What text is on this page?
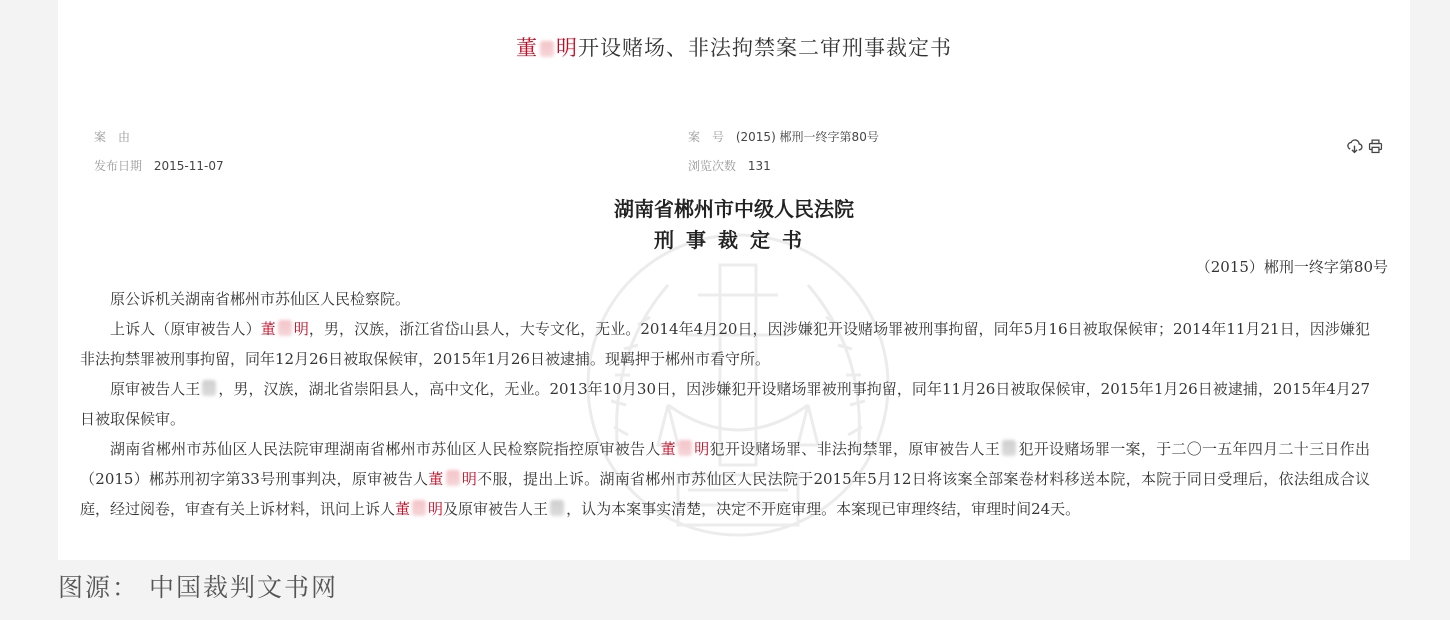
董 明开设赌场、非法拘禁案二审刑事裁定书
案　由
发布日期 2015-11-07
案　号 (2015) 郴刑一终字第80号
浏览次数 131
湖南省郴州市中级人民法院
刑事裁定书
（2015）郴刑一终字第80号

原公诉机关湖南省郴州市苏仙区人民检察院。

上诉人（原审被告人）董 明，男，汉族，浙江省岱山县人，大专文化，无业。2014年4月20日，因涉嫌犯开设赌场罪被刑事拘留，同年5月16日被取保候审；2014年11月21日，因涉嫌犯非法拘禁罪被刑事拘留，同年12月26日被取保候审，2015年1月26日被逮捕。现羁押于郴州市看守所。

原审被告人王 ，男，汉族，湖北省崇阳县人，高中文化，无业。2013年10月30日，因涉嫌犯开设赌场罪被刑事拘留，同年11月26日被取保候审，2015年1月26日被逮捕，2015年4月27日被取保候审。

湖南省郴州市苏仙区人民法院审理湖南省郴州市苏仙区人民检察院指控原审被告人董 明犯开设赌场罪、非法拘禁罪，原审被告人王 犯开设赌场罪一案，于二〇一五年四月二十三日作出（2015）郴苏刑初字第33号刑事判决，原审被告人董 明不服，提出上诉。湖南省郴州市苏仙区人民法院于2015年5月12日将该案全部案卷材料移送本院，本院于同日受理后，依法组成合议庭，经过阅卷，审查有关上诉材料，讯问上诉人董 明及原审被告人王 ，认为本案事实清楚，决定不开庭审理。本案现已审理终结，审理时间24天。

图源： 中国裁判文书网
